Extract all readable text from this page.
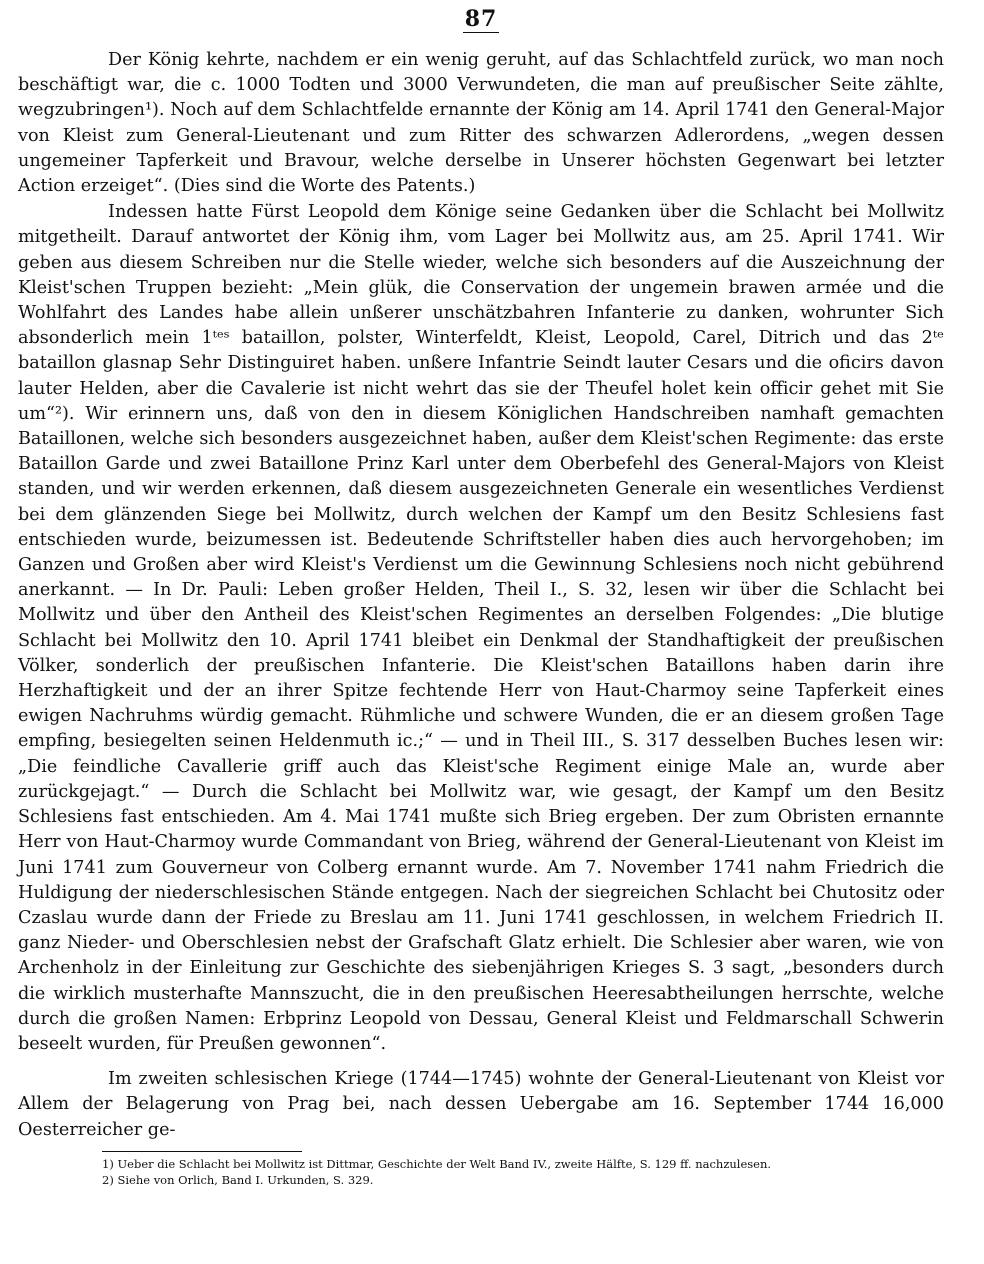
87

Der König kehrte, nachdem er ein wenig geruht, auf das Schlachtfeld zurück, wo man noch beschäftigt war, die c. 1000 Todten und 3000 Verwundeten, die man auf preußischer Seite zählte, wegzubringen¹). Noch auf dem Schlachtfelde ernannte der König am 14. April 1741 den General-Major von Kleist zum General-Lieutenant und zum Ritter des schwarzen Adlerordens, „wegen dessen ungemeiner Tapferkeit und Bravour, welche derselbe in Unserer höchsten Gegenwart bei letzter Action erzeiget“. (Dies sind die Worte des Patents.)

Indessen hatte Fürst Leopold dem Könige seine Gedanken über die Schlacht bei Mollwitz mitgetheilt. Darauf antwortet der König ihm, vom Lager bei Mollwitz aus, am 25. April 1741. Wir geben aus diesem Schreiben nur die Stelle wieder, welche sich besonders auf die Auszeichnung der Kleist'schen Truppen bezieht: „Mein glük, die Conservation der ungemein brawen armée und die Wohlfahrt des Landes habe allein unßerer unschätzbahren Infanterie zu danken, wohrunter Sich absonderlich mein 1ᵗᵉˢ bataillon, polster, Winterfeldt, Kleist, Leopold, Carel, Ditrich und das 2ᵗᵉ bataillon glasnap Sehr Distinguiret haben. unßere Infantrie Seindt lauter Cesars und die oficirs davon lauter Helden, aber die Cavalerie ist nicht wehrt das sie der Theufel holet kein officir gehet mit Sie um“²). Wir erinnern uns, daß von den in diesem Königlichen Handschreiben namhaft gemachten Bataillonen, welche sich besonders ausgezeichnet haben, außer dem Kleist'schen Regimente: das erste Bataillon Garde und zwei Bataillone Prinz Karl unter dem Oberbefehl des General-Majors von Kleist standen, und wir werden erkennen, daß diesem ausgezeichneten Generale ein wesentliches Verdienst bei dem glänzenden Siege bei Mollwitz, durch welchen der Kampf um den Besitz Schlesiens fast entschieden wurde, beizumessen ist. Bedeutende Schriftsteller haben dies auch hervorgehoben; im Ganzen und Großen aber wird Kleist's Verdienst um die Gewinnung Schlesiens noch nicht gebührend anerkannt. — In Dr. Pauli: Leben großer Helden, Theil I., S. 32, lesen wir über die Schlacht bei Mollwitz und über den Antheil des Kleist'schen Regimentes an derselben Folgendes: „Die blutige Schlacht bei Mollwitz den 10. April 1741 bleibet ein Denkmal der Standhaftigkeit der preußischen Völker, sonderlich der preußischen Infanterie. Die Kleist'schen Bataillons haben darin ihre Herzhaftigkeit und der an ihrer Spitze fechtende Herr von Haut-Charmoy seine Tapferkeit eines ewigen Nachruhms würdig gemacht. Rühmliche und schwere Wunden, die er an diesem großen Tage empfing, besiegelten seinen Heldenmuth ic.;“ — und in Theil III., S. 317 desselben Buches lesen wir: „Die feindliche Cavallerie griff auch das Kleist'sche Regiment einige Male an, wurde aber zurückgejagt.“ — Durch die Schlacht bei Mollwitz war, wie gesagt, der Kampf um den Besitz Schlesiens fast entschieden. Am 4. Mai 1741 mußte sich Brieg ergeben. Der zum Obristen ernannte Herr von Haut-Charmoy wurde Commandant von Brieg, während der General-Lieutenant von Kleist im Juni 1741 zum Gouverneur von Colberg ernannt wurde. Am 7. November 1741 nahm Friedrich die Huldigung der niederschlesischen Stände entgegen. Nach der siegreichen Schlacht bei Chutositz oder Czaslau wurde dann der Friede zu Breslau am 11. Juni 1741 geschlossen, in welchem Friedrich II. ganz Nieder- und Oberschlesien nebst der Grafschaft Glatz erhielt. Die Schlesier aber waren, wie von Archenholz in der Einleitung zur Geschichte des siebenjährigen Krieges S. 3 sagt, „besonders durch die wirklich musterhafte Mannszucht, die in den preußischen Heeresabtheilungen herrschte, welche durch die großen Namen: Erbprinz Leopold von Dessau, General Kleist und Feldmarschall Schwerin beseelt wurden, für Preußen gewonnen“.

Im zweiten schlesischen Kriege (1744—1745) wohnte der General-Lieutenant von Kleist vor Allem der Belagerung von Prag bei, nach dessen Uebergabe am 16. September 1744 16,000 Oesterreicher ge-

1) Ueber die Schlacht bei Mollwitz ist Dittmar, Geschichte der Welt Band IV., zweite Hälfte, S. 129 ff. nachzulesen.
2) Siehe von Orlich, Band I. Urkunden, S. 329.
